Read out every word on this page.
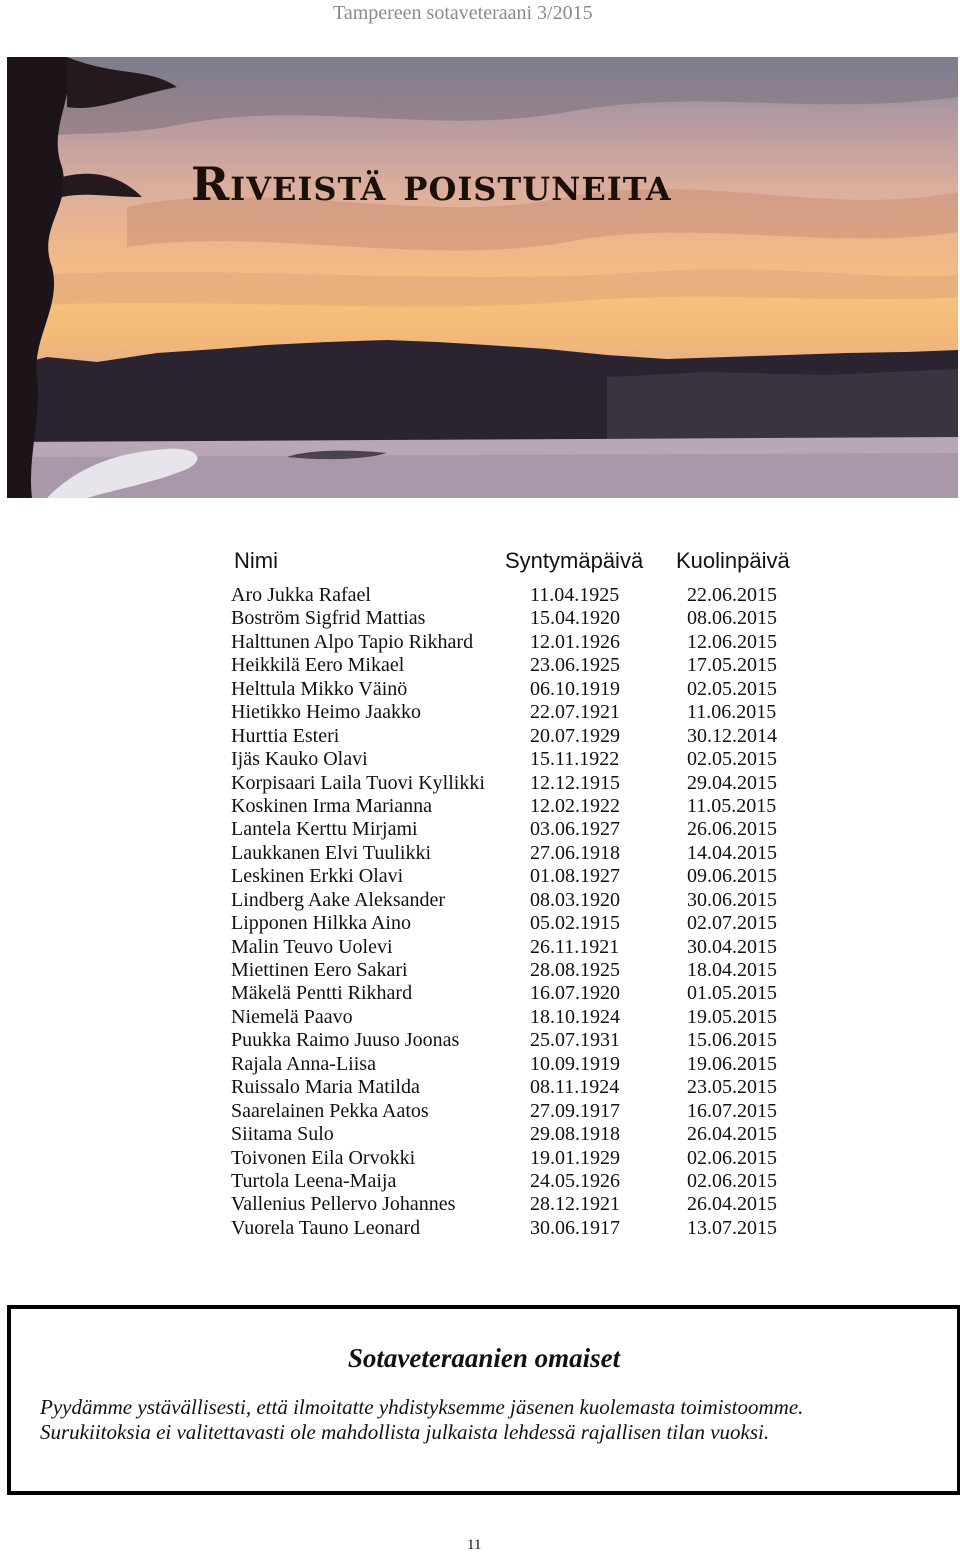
Tampereen sotaveteraani 3/2015
Riveistä poistuneita
Nimi	Syntymäpäivä Kuolinpäivä
Aro Jukka Rafael	11.04.1925	22.06.2015
Boström Sigfrid Mattias	15.04.1920	08.06.2015
Halttunen Alpo Tapio Rikhard	12.01.1926	12.06.2015
Heikkilä Eero Mikael	23.06.1925	17.05.2015
Helttula Mikko Väinö	06.10.1919	02.05.2015
Hietikko Heimo Jaakko	22.07.1921	11.06.2015
Hurttia Esteri	20.07.1929	30.12.2014
Ijäs Kauko Olavi	15.11.1922	02.05.2015
Korpisaari Laila Tuovi Kyllikki 12.12.1915	29.04.2015
Koskinen Irma Marianna	12.02.1922	11.05.2015
Lantela Kerttu Mirjami	03.06.1927	26.06.2015
Laukkanen Elvi Tuulikki	27.06.1918	14.04.2015
Leskinen Erkki Olavi	01.08.1927	09.06.2015
Lindberg Aake Aleksander	08.03.1920	30.06.2015
Lipponen Hilkka Aino	05.02.1915	02.07.2015
Malin Teuvo Uolevi	26.11.1921	30.04.2015
Miettinen Eero Sakari	28.08.1925	18.04.2015
Mäkelä Pentti Rikhard	16.07.1920	01.05.2015
Niemelä Paavo	18.10.1924	19.05.2015
Puukka Raimo Juuso Joonas	25.07.1931	15.06.2015
Rajala Anna-Liisa	10.09.1919	19.06.2015
Ruissalo Maria Matilda	08.11.1924	23.05.2015
Saarelainen Pekka Aatos	27.09.1917	16.07.2015
Siitama Sulo	29.08.1918	26.04.2015
Toivonen Eila Orvokki	19.01.1929	02.06.2015
Turtola Leena-Maija	24.05.1926	02.06.2015
Vallenius Pellervo Johannes	28.12.1921	26.04.2015
Vuorela Tauno Leonard	30.06.1917	13.07.2015
Sotaveteraanien omaiset

Pyydämme ystävällisesti, että ilmoitatte yhdistyksemme jäsenen kuolemasta toimistoomme.
Surukiitoksia ei valitettavasti ole mahdollista julkaista lehdessä rajallisen tilan vuoksi.

11
